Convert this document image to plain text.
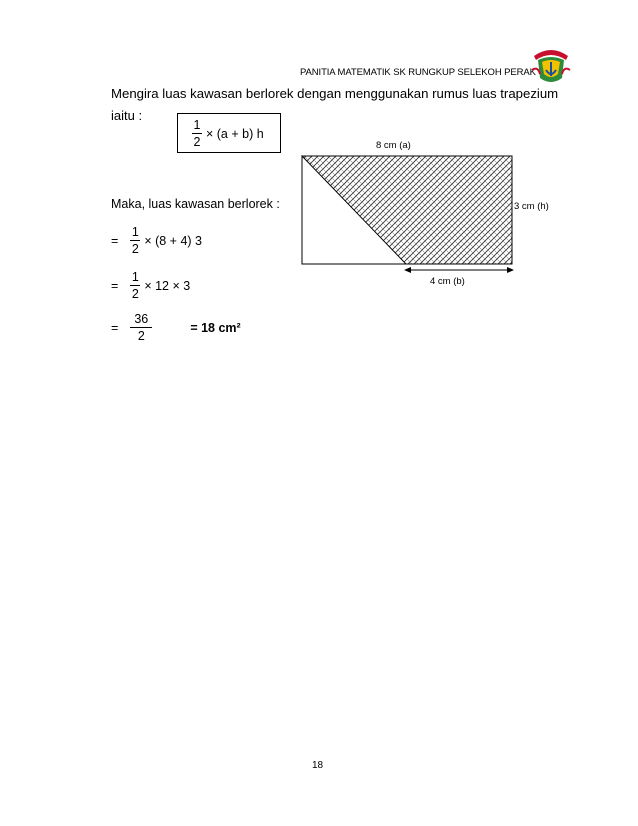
PANITIA MATEMATIK SK RUNGKUP SELEKOH PERAK
Mengira luas kawasan berlorek dengan menggunakan rumus luas trapezium
iaitu :
$\frac{1}{2} \times (a + b)$ h
Maka, luas kawasan berlorek :
= $\frac{1}{2} \times (8 + 4)$ 3
= $\frac{1}{2} \times 12 \times 3$
= $\frac{36}{2}$	= 18 cm²
8 cm (a)
3 cm (h)
4 cm (b)
18
